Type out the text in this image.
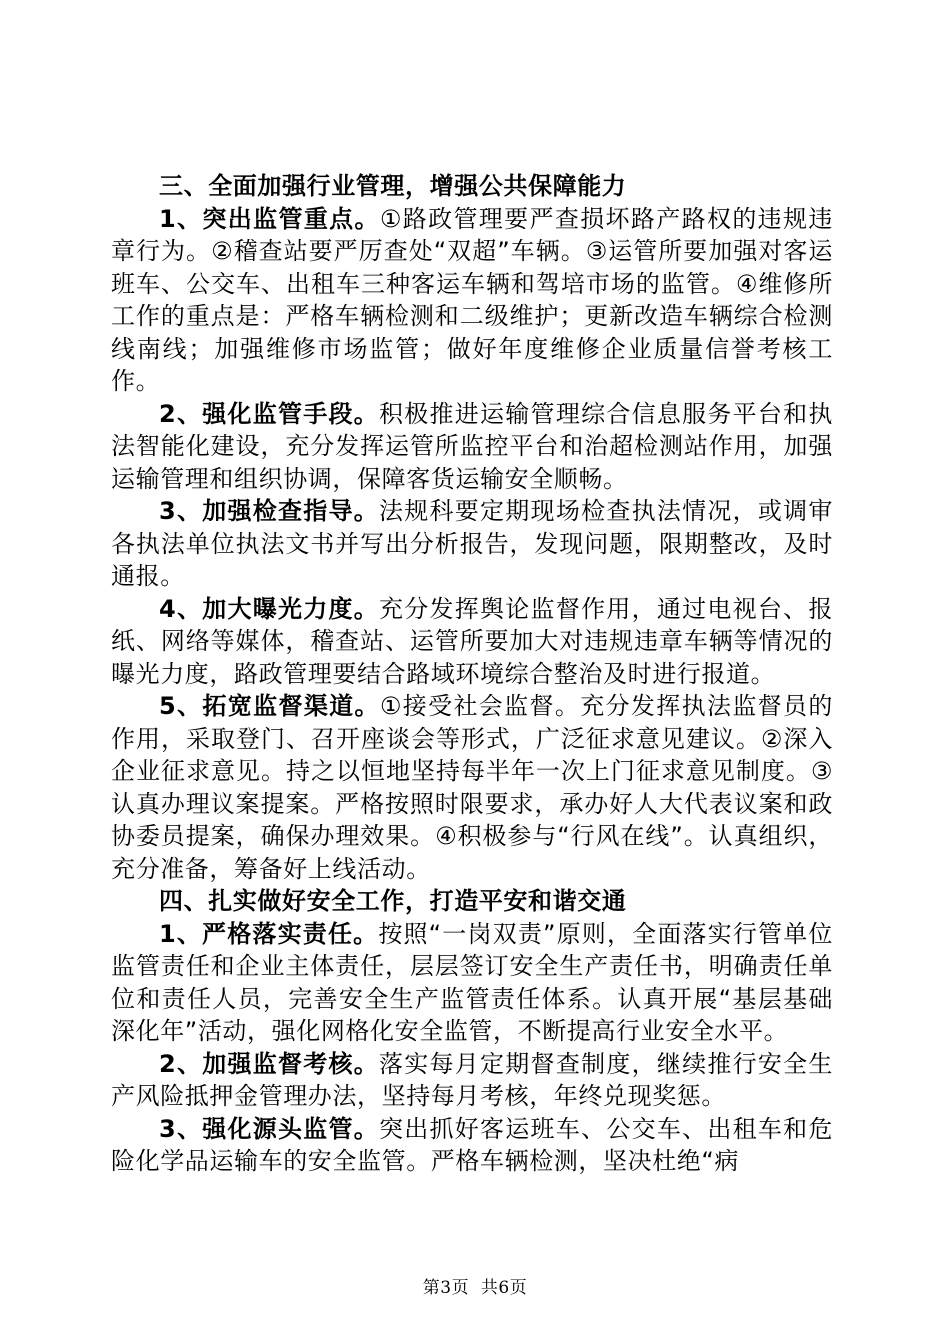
三、全面加强行业管理，增强公共保障能力

1、突出监管重点。①路政管理要严查损坏路产路权的违规违章行为。②稽查站要严厉查处“双超”车辆。③运管所要加强对客运班车、公交车、出租车三种客运车辆和驾培市场的监管。④维修所工作的重点是：严格车辆检测和二级维护；更新改造车辆综合检测线南线；加强维修市场监管；做好年度维修企业质量信誉考核工作。

2、强化监管手段。积极推进运输管理综合信息服务平台和执法智能化建设，充分发挥运管所监控平台和治超检测站作用，加强运输管理和组织协调，保障客货运输安全顺畅。

3、加强检查指导。法规科要定期现场检查执法情况，或调审各执法单位执法文书并写出分析报告，发现问题，限期整改，及时通报。

4、加大曝光力度。充分发挥舆论监督作用，通过电视台、报纸、网络等媒体，稽查站、运管所要加大对违规违章车辆等情况的曝光力度，路政管理要结合路域环境综合整治及时进行报道。

5、拓宽监督渠道。①接受社会监督。充分发挥执法监督员的作用，采取登门、召开座谈会等形式，广泛征求意见建议。②深入企业征求意见。持之以恒地坚持每半年一次上门征求意见制度。③认真办理议案提案。严格按照时限要求，承办好人大代表议案和政协委员提案，确保办理效果。④积极参与“行风在线”。认真组织，充分准备，筹备好上线活动。

四、扎实做好安全工作，打造平安和谐交通

1、严格落实责任。按照“一岗双责”原则，全面落实行管单位监管责任和企业主体责任，层层签订安全生产责任书，明确责任单位和责任人员，完善安全生产监管责任体系。认真开展“基层基础深化年”活动，强化网格化安全监管，不断提高行业安全水平。

2、加强监督考核。落实每月定期督查制度，继续推行安全生产风险抵押金管理办法，坚持每月考核，年终兑现奖惩。

3、强化源头监管。突出抓好客运班车、公交车、出租车和危险化学品运输车的安全监管。严格车辆检测，坚决杜绝“病

第3页  共6页
